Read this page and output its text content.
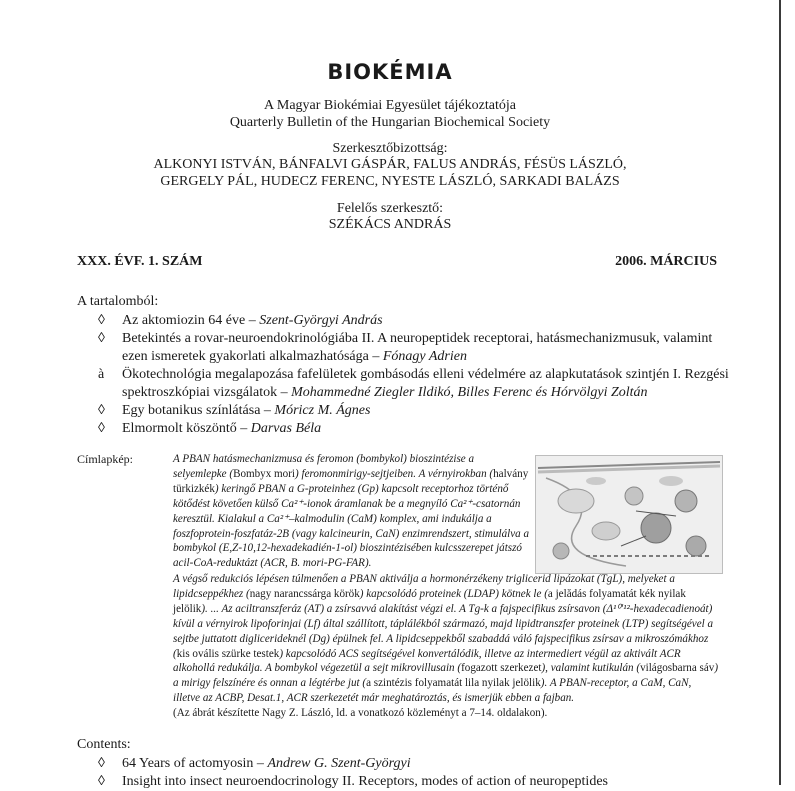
BIOKÉMIA
A Magyar Biokémiai Egyesület tájékoztatója
Quarterly Bulletin of the Hungarian Biochemical Society
Szerkesztőbizottság:
ALKONYI ISTVÁN, BÁNFALVI GÁSPÁR, FALUS ANDRÁS, FÉSÜS LÁSZLÓ,
GERGELY PÁL, HUDECZ FERENC, NYESTE LÁSZLÓ, SARKADI BALÁZS
Felelős szerkesztő:
SZÉKÁCS ANDRÁS
XXX. ÉVF. 1. SZÁM	2006. MÁRCIUS
A tartalomból:
◊ Az aktomiozin 64 éve – Szent-Györgyi András
◊ Betekintés a rovar-neuroendokrinológiába II. A neuropeptidek receptorai, hatásmechanizmusuk, valamint ezen ismeretek gyakorlati alkalmazhatósága – Fónagy Adrien
à Ökotechnológia megalapozása fafelületek gombásodás elleni védelmére az alapkutatások szintjén I. Rezgési spektroszkópiai vizsgálatok – Mohammedné Ziegler Ildikó, Billes Ferenc és Hórvölgyi Zoltán
◊ Egy botanikus színlátása – Móricz M. Ágnes
◊ Elmormolt köszöntő – Darvas Béla
Címlapkép:	A PBAN hatásmechanizmusa és feromon (bombykol) bioszintézise a selyemlepke (Bombyx mori) feromonmirigy-sejtjeiben. A vérnyirokban (halvány türkizkék) keringő PBAN a G-proteinhez (Gp) kapcsolt receptorhoz történő kötődést követően külső Ca²⁺-ionok áramlanak be a megnyíló Ca²⁺-csatornán keresztül. Kialakul a Ca²⁺–kalmodulin (CaM) komplex, ami indukálja a foszfoprotein-foszfatáz-2B (vagy kalcineurin, CaN) enzimrendszert, stimulálva a bombykol (E,Z-10,12-hexadekadién-1-ol) bioszintézisében kulcsszerepet játszó acil-CoA-reduktázt (ACR, B. mori-PG-FAR).
A végső redukciós lépésen túlmenően a PBAN aktiválja a hormonérzékeny triglicerid lipázokat (TgL), melyeket a lipidcseppékhez (nagy narancssárga körök) kapcsolódó proteinek (LDAP) kötnek le (a jelădás folyamatát kék nyilak jelölik). ... Az aciltranszferáz (AT) a zsírsavvá alakítást végzi el. A Tg-k a fajspecifikus zsírsavon (Δ¹⁰ʹ¹²-hexadecadienoát) kívül a vérnyirok lipoforinjai (Lf) által szállított, táplálékból származó, majd lipidtranszfer proteinek (LTP) segítségével a sejtbe juttatott diglicerideknél (Dg) épülnek fel. A lipidcseppekből szabaddá váló fajspecifikus zsírsav a mikroszómákhoz (kis ovális szürke testek) kapcsolódó ACS segítségével konvertálódik, illetve az intermediert végül az aktivált ACR alkohollá redukálja. A bombykol végezetül a sejt mikrovillusain (fogazott szerkezet), valamint kutikulán (világosbarna sáv) a mirigy felszínére és onnan a légtérbe jut (a szintézis folyamatát lila nyilak jelölik). A PBAN-receptor, a CaM, CaN, illetve az ACBP, Desat.1, ACR szerkezetét már meghatároztás, és ismerjük ebben a fajban.
(Az ábrát készítette Nagy Z. László, ld. a vonatkozó közleményt a 7–14. oldalakon).
Contents:
◊ 64 Years of actomyosin – Andrew G. Szent-Györgyi
◊ Insight into insect neuroendocrinology II. Receptors, modes of action of neuropeptides
